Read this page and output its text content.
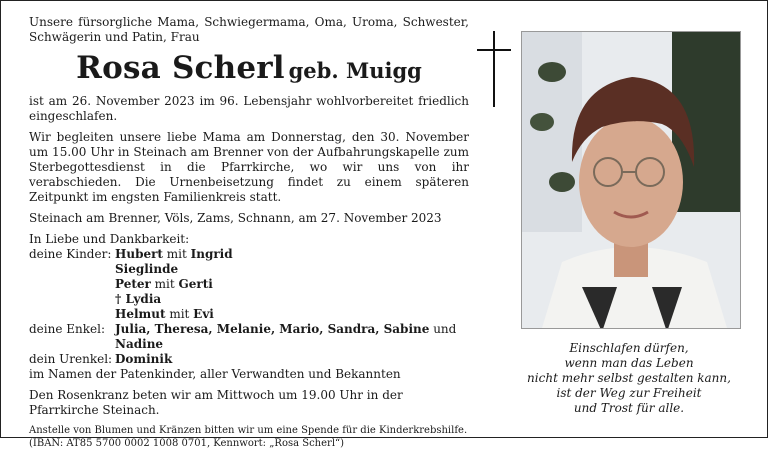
Unsere fürsorgliche Mama, Schwiegermama, Oma, Uroma, Schwester, Schwägerin und Patin, Frau

Rosa Scherl geb. Muigg

ist am 26. November 2023 im 96. Lebensjahr wohlvorbereitet friedlich eingeschlafen.

Wir begleiten unsere liebe Mama am Donnerstag, den 30. November um 15.00 Uhr in Steinach am Brenner von der Aufbahrungskapelle zum Sterbegottesdienst in die Pfarrkirche, wo wir uns von ihr verabschieden. Die Urnenbeisetzung findet zu einem späteren Zeitpunkt im engsten Familienkreis statt.

Steinach am Brenner, Völs, Zams, Schnann, am 27. November 2023

In Liebe und Dankbarkeit:

deine Kinder: Hubert mit Ingrid
Sieglinde
Peter mit Gerti
† Lydia
Helmut mit Evi
deine Enkel: Julia, Theresa, Melanie, Mario, Sandra, Sabine und Nadine
dein Urenkel: Dominik

im Namen der Patenkinder, aller Verwandten und Bekannten

Den Rosenkranz beten wir am Mittwoch um 19.00 Uhr in der Pfarrkirche Steinach.

Anstelle von Blumen und Kränzen bitten wir um eine Spende für die Kinderkrebshilfe. (IBAN: AT85 5700 0002 1008 0701, Kennwort: „Rosa Scherl“)

Einschlafen dürfen,
wenn man das Leben
nicht mehr selbst gestalten kann,
ist der Weg zur Freiheit
und Trost für alle.
